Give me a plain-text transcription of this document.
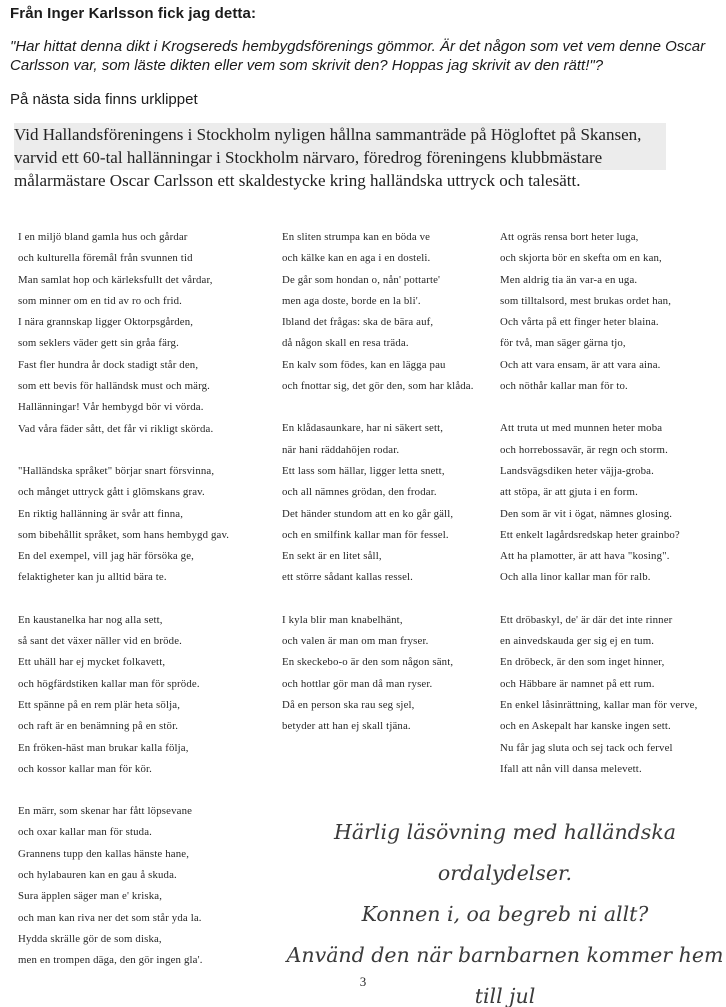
Från Inger Karlsson fick jag detta:
"Har hittat denna dikt i Krogsereds hembygdsförenings gömmor. Är det någon som vet vem denne Oscar Carlsson var, som läste dikten eller vem som skrivit den? Hoppas jag skrivit av den rätt!"?
På nästa sida finns urklippet
Vid Hallandsföreningens i Stockholm nyligen hållna sammanträde på Högloftet på Skansen, varvid ett 60-tal hallänningar i Stockholm närvaro, föredrog föreningens klubbmästare målarmästare Oscar Carlsson ett skaldestycke kring halländska uttryck och talesätt.

I en miljö bland gamla hus och gårdar

och kulturella föremål från svunnen tid

Man samlat hop och kärleksfullt det vårdar,

som minner om en tid av ro och frid.

I nära grannskap ligger Oktorpsgården,

som seklers väder gett sin gråa färg.

Fast fler hundra år dock stadigt står den,

som ett bevis för halländsk must och märg.

Hallänningar! Vår hembygd bör vi vörda.

Vad våra fäder sått, det får vi rikligt skörda.

"Halländska språket" börjar snart försvinna,

och månget uttryck gått i glömskans grav.

En riktig hallänning är svår att finna,

som bibehållit språket, som hans hembygd gav.

En del exempel, vill jag här försöka ge,

felaktigheter kan ju alltid bära te.

En kaustanelka har nog alla sett,

så sant det växer näller vid en bröde.

Ett uhäll har ej mycket folkavett,

och högfärdstiken kallar man för spröde.

Ett spänne på en rem plär heta sölja,

och raft är en benämning på en stör.

En fröken-häst man brukar kalla följa,

och kossor kallar man för kör.

En märr, som skenar har fått löpsevane

och oxar kallar man för studa.

Grannens tupp den kallas hänste hane,

och hylabauren kan en gau å skuda.

Sura äpplen säger man e' kriska,

och man kan riva ner det som står yda la.

Hydda skrälle gör de som diska,

men en trompen däga, den gör ingen gla'.

En sliten strumpa kan en böda ve

och kälke kan en aga i en dosteli.

De går som hondan o, nån' pottarte'

men aga doste, borde en la bli'.

Ibland det frågas: ska de bära auf,

då någon skall en resa träda.

En kalv som födes, kan en lägga pau

och fnottar sig, det gör den, som har klåda.

En klådasaunkare, har ni säkert sett,

när hani räddahöjen rodar.

Ett lass som hällar, ligger letta snett,

och all nämnes grödan, den frodar.

Det händer stundom att en ko går gäll,

och en smilfink kallar man för fessel.

En sekt är en litet såll,

ett större sådant kallas ressel.

I kyla blir man knabelhänt,

och valen är man om man fryser.

En skeckebo-o är den som någon sänt,

och hottlar gör man då man ryser.

Då en person ska rau seg sjel,

betyder att han ej skall tjäna.

Att ogräs rensa bort heter luga,

och skjorta bör en skefta om en kan,

Men aldrig tia än var-a en uga.

som tilltalsord, mest brukas ordet han,

Och vårta på ett finger heter blaina.

för två, man säger gärna tjo,

Och att vara ensam, är att vara aina.

och nöthår kallar man för to.

Att truta ut med munnen heter moba

och horrebossavär, är regn och storm.

Landsvägsdiken heter väjja-groba.

att stöpa, är att gjuta i en form.

Den som är vit i ögat, nämnes glosing.

Ett enkelt lagårdsredskap heter grainbo?

Att ha plamotter, är att hava "kosing".

Och alla linor kallar man för ralb.

Ett dröbaskyl, de' är där det inte rinner

en ainvedskauda ger sig ej en tum.

En dröbeck, är den som inget hinner,

och Häbbare är namnet på ett rum.

En enkel låsinrättning, kallar man för verve,

och en Askepalt har kanske ingen sett.

Nu får jag sluta och sej tack och fervel

Ifall att nån vill dansa melevett.

Härlig läsövning med halländska ordalydelser.

Konnen i, oa begreb ni allt?

Använd den när barnbarnen kommer hem till jul

3
